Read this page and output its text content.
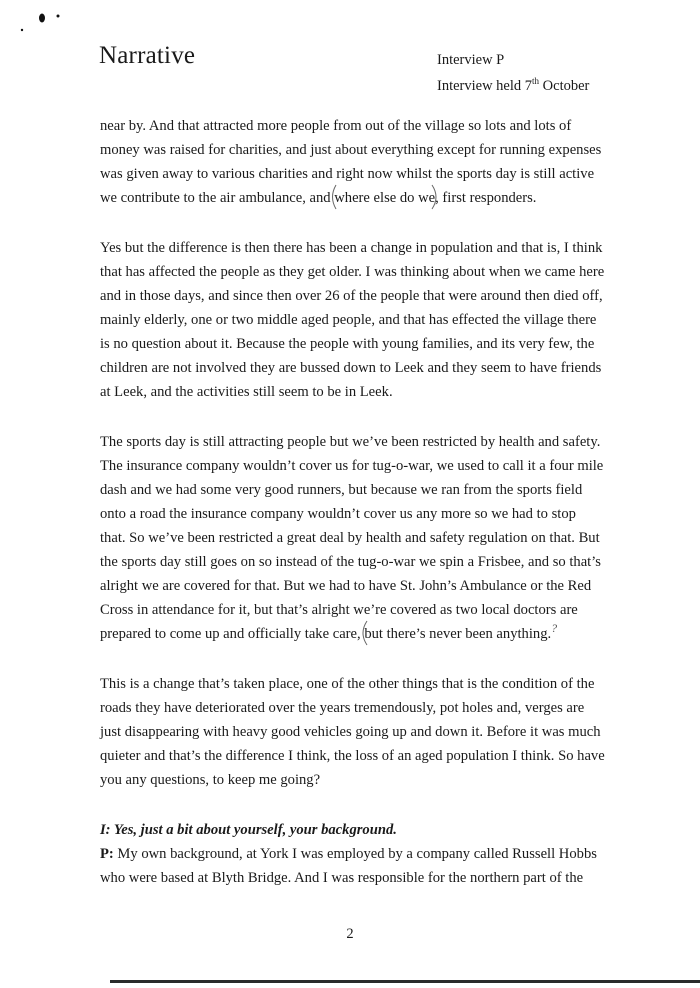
Narrative	Interview P
Interview held 7th October

near by. And that attracted more people from out of the village so lots and lots of money was raised for charities, and just about everything except for running expenses was given away to various charities and right now whilst the sports day is still active we contribute to the air ambulance, and where else do we,
first responders.

Yes but the difference is then there has been a change in population and that is, I think that has affected the people as they get older. I was thinking about when we came here and in those days, and since then over 26 of the people that were around then died off, mainly elderly, one or two middle aged people, and that has effected the village there is no question about it. Because the people with young families, and its very few, the children are not involved they are bussed down to Leek and they seem to have friends at Leek, and the activities still seem to be in Leek.

The sports day is still attracting people but we’ve been restricted by health and safety. The insurance company wouldn’t cover us for tug-o-war, we used to call it a four mile dash and we had some very good runners, but because we ran from the sports field onto a road the insurance company wouldn’t cover us any more so we had to stop that. So we’ve been restricted a great deal by health and safety regulation on that. But the sports day still goes on so instead of the tug-o-war we spin a Frisbee, and so that’s alright we are covered for that. But we had to have St. John’s Ambulance or the Red Cross in attendance for it, but that’s alright we’re covered as two local doctors are prepared to come up and officially take care, but there’s never been anything.
?

This is a change that’s taken place, one of the other things that is the condition of the roads they have deteriorated over the years tremendously, pot holes and, verges are just disappearing with heavy good vehicles going up and down it. Before it was much quieter and that’s the difference I think, the loss of an aged population I think. So have you any questions, to keep me going?

I: Yes, just a bit about yourself, your background.

P: My own background, at York I was employed by a company called Russell Hobbs who were based at Blyth Bridge. And I was responsible for the northern part of the

2
